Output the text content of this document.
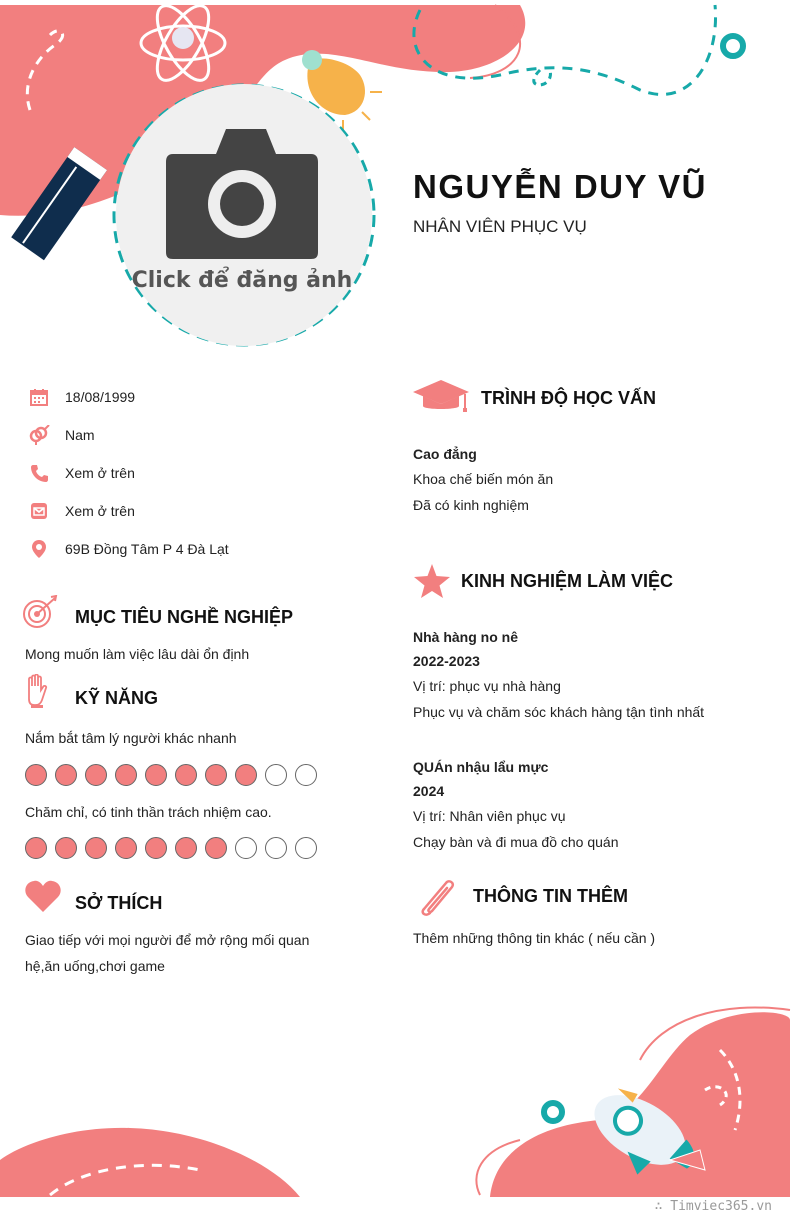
Click để đăng ảnh
NGUYỄN DUY VŨ
NHÂN VIÊN PHỤC VỤ
18/08/1999
Nam
Xem ở trên
Xem ở trên
69B Đồng Tâm P 4 Đà Lạt
MỤC TIÊU NGHỀ NGHIỆP
Mong muốn làm việc lâu dài ổn định
KỸ NĂNG
Nắm bắt tâm lý người khác nhanh
Chăm chỉ, có tinh thần trách nhiệm cao.
SỞ THÍCH
Giao tiếp với mọi người để mở rộng mối quan
hệ,ăn uống,chơi game
TRÌNH ĐỘ HỌC VẤN
Cao đẳng
Khoa chế biến món ăn
Đã có kinh nghiệm
KINH NGHIỆM LÀM VIỆC
Nhà hàng no nê
2022-2023
Vị trí: phục vụ nhà hàng
Phục vụ và chăm sóc khách hàng tận tình nhất
QUÁn nhậu lẩu mực
2024
Vị trí: Nhân viên phục vụ
Chạy bàn và đi mua đồ cho quán
THÔNG TIN THÊM
Thêm những thông tin khác ( nếu cần )
∴ Timviec365.vn
